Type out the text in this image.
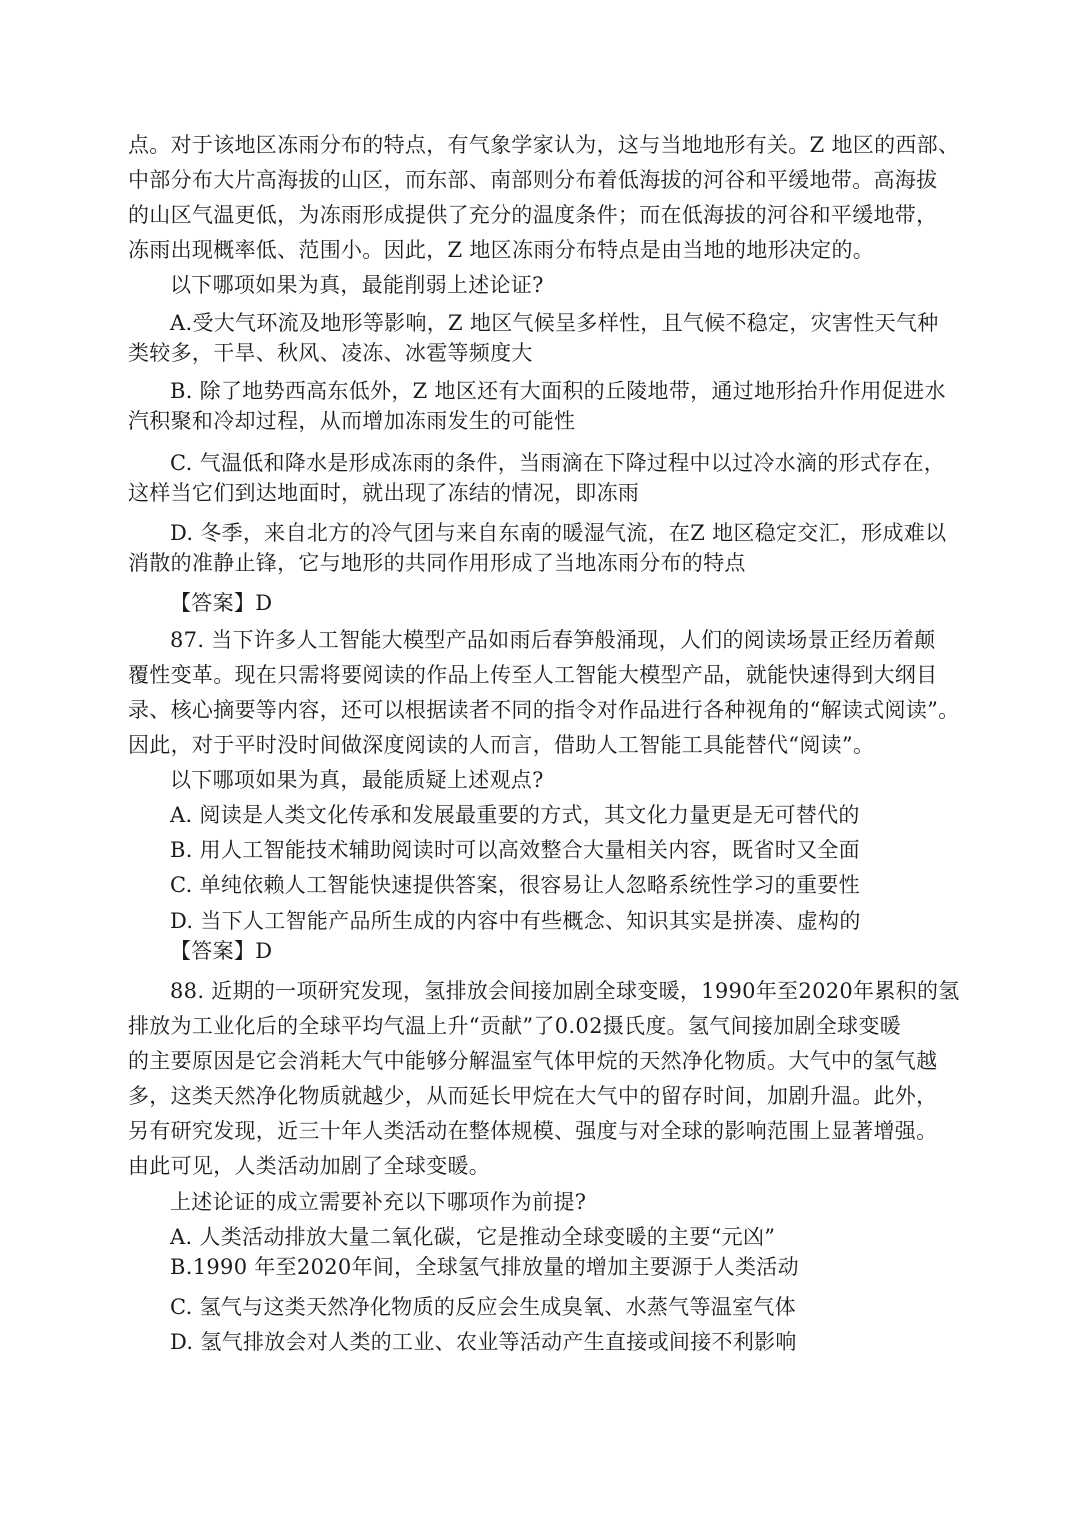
点。对于该地区冻雨分布的特点，有气象学家认为，这与当地地形有关。Z 地区的西部、
中部分布大片高海拔的山区，而东部、南部则分布着低海拔的河谷和平缓地带。高海拔
的山区气温更低，为冻雨形成提供了充分的温度条件；而在低海拔的河谷和平缓地带，
冻雨出现概率低、范围小。因此，Z 地区冻雨分布特点是由当地的地形决定的。
以下哪项如果为真，最能削弱上述论证?
A.受大气环流及地形等影响，Z 地区气候呈多样性，且气候不稳定，灾害性天气种
类较多，干旱、秋风、凌冻、冰雹等频度大
B. 除了地势西高东低外，Z 地区还有大面积的丘陵地带，通过地形抬升作用促进水
汽积聚和冷却过程，从而增加冻雨发生的可能性
C. 气温低和降水是形成冻雨的条件，当雨滴在下降过程中以过冷水滴的形式存在，
这样当它们到达地面时，就出现了冻结的情况，即冻雨
D. 冬季，来自北方的冷气团与来自东南的暖湿气流，在Z 地区稳定交汇，形成难以
消散的准静止锋，它与地形的共同作用形成了当地冻雨分布的特点
【答案】D
87. 当下许多人工智能大模型产品如雨后春笋般涌现，人们的阅读场景正经历着颠
覆性变革。现在只需将要阅读的作品上传至人工智能大模型产品，就能快速得到大纲目
录、核心摘要等内容，还可以根据读者不同的指令对作品进行各种视角的“解读式阅读”。
因此，对于平时没时间做深度阅读的人而言，借助人工智能工具能替代“阅读”。
以下哪项如果为真，最能质疑上述观点?
A. 阅读是人类文化传承和发展最重要的方式，其文化力量更是无可替代的
B. 用人工智能技术辅助阅读时可以高效整合大量相关内容，既省时又全面
C. 单纯依赖人工智能快速提供答案，很容易让人忽略系统性学习的重要性
D. 当下人工智能产品所生成的内容中有些概念、知识其实是拼凑、虚构的
【答案】D
88. 近期的一项研究发现，氢排放会间接加剧全球变暖，1990年至2020年累积的氢
排放为工业化后的全球平均气温上升“贡献”了0.02摄氏度。氢气间接加剧全球变暖
的主要原因是它会消耗大气中能够分解温室气体甲烷的天然净化物质。大气中的氢气越
多，这类天然净化物质就越少，从而延长甲烷在大气中的留存时间，加剧升温。此外，
另有研究发现，近三十年人类活动在整体规模、强度与对全球的影响范围上显著增强。
由此可见，人类活动加剧了全球变暖。
上述论证的成立需要补充以下哪项作为前提?
A. 人类活动排放大量二氧化碳，它是推动全球变暖的主要“元凶”
B.1990 年至2020年间，全球氢气排放量的增加主要源于人类活动
C. 氢气与这类天然净化物质的反应会生成臭氧、水蒸气等温室气体
D. 氢气排放会对人类的工业、农业等活动产生直接或间接不利影响
